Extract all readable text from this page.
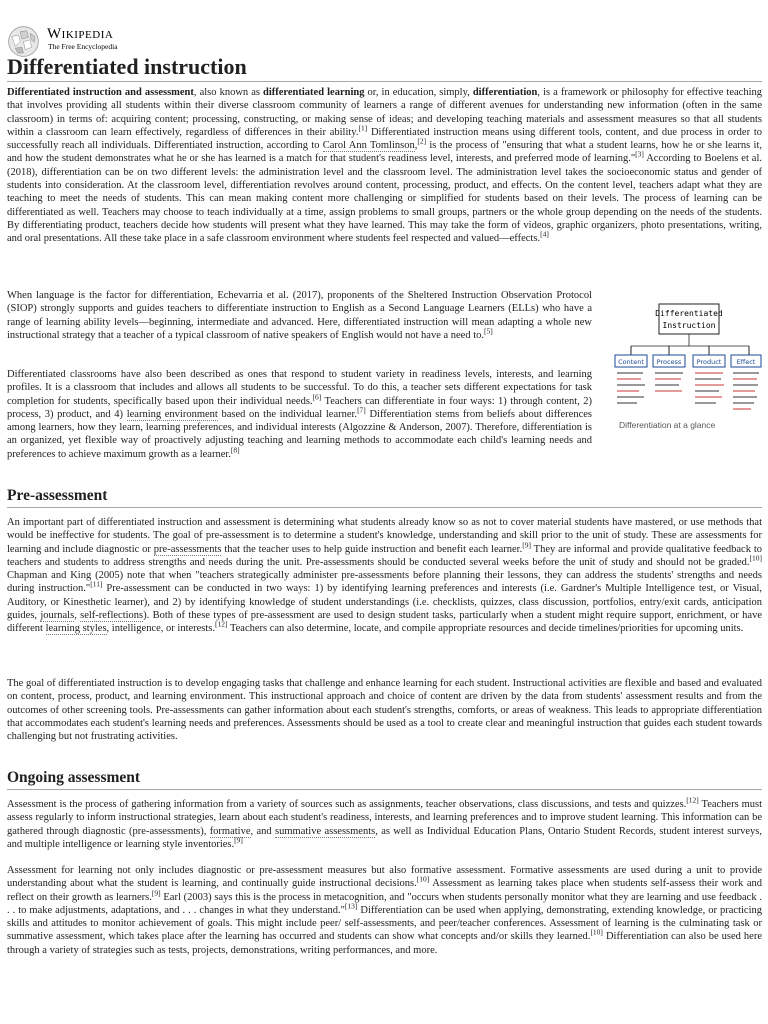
Wikipedia
The Free Encyclopedia
Differentiated instruction

Differentiated instruction and assessment, also known as differentiated learning or, in education, simply, differentiation, is a framework or philosophy for effective teaching that involves providing all students within their diverse classroom community of learners a range of different avenues for understanding new information (often in the same classroom) in terms of: acquiring content; processing, constructing, or making sense of ideas; and developing teaching materials and assessment measures so that all students within a classroom can learn effectively, regardless of differences in their ability.[1] Differentiated instruction means using different tools, content, and due process in order to successfully reach all individuals. Differentiated instruction, according to Carol Ann Tomlinson,[2] is the process of "ensuring that what a student learns, how he or she learns it, and how the student demonstrates what he or she has learned is a match for that student's readiness level, interests, and preferred mode of learning."[3] According to Boelens et al. (2018), differentiation can be on two different levels: the administration level and the classroom level. The administration level takes the socioeconomic status and gender of students into consideration. At the classroom level, differentiation revolves around content, processing, product, and effects. On the content level, teachers adapt what they are teaching to meet the needs of students. This can mean making content more challenging or simplified for students based on their levels. The process of learning can be differentiated as well. Teachers may choose to teach individually at a time, assign problems to small groups, partners or the whole group depending on the needs of the students. By differentiating product, teachers decide how students will present what they have learned. This may take the form of videos, graphic organizers, photo presentations, writing, and oral presentations. All these take place in a safe classroom environment where students feel respected and valued—effects.[4]

When language is the factor for differentiation, Echevarria et al. (2017), proponents of the Sheltered Instruction Observation Protocol (SIOP) strongly supports and guides teachers to differentiate instruction to English as a Second Language Learners (ELLs) who have a range of learning ability levels—beginning, intermediate and advanced. Here, differentiated instruction will mean adapting a whole new instructional strategy that a teacher of a typical classroom of native speakers of English would not have a need to.[5]

Differentiated classrooms have also been described as ones that respond to student variety in readiness levels, interests, and learning profiles. It is a classroom that includes and allows all students to be successful. To do this, a teacher sets different expectations for task completion for students, specifically based upon their individual needs.[6] Teachers can differentiate in four ways: 1) through content, 2) process, 3) product, and 4) learning environment based on the individual learner.[7] Differentiation stems from beliefs about differences among learners, how they learn, learning preferences, and individual interests (Algozzine & Anderson, 2007). Therefore, differentiation is an organized, yet flexible way of proactively adjusting teaching and learning methods to accommodate each child's learning needs and preferences to achieve maximum growth as a learner.[8]

Differentiated
Instruction
Content Process Product Effect
Differentiation at a glance
Pre-assessment

An important part of differentiated instruction and assessment is determining what students already know so as not to cover material students have mastered, or use methods that would be ineffective for students. The goal of pre-assessment is to determine a student's knowledge, understanding and skill prior to the unit of study. These are assessments for learning and include diagnostic or pre-assessments that the teacher uses to help guide instruction and benefit each learner.[9] They are informal and provide qualitative feedback to teachers and students to address strengths and needs during the unit. Pre-assessments should be conducted several weeks before the unit of study and should not be graded.[10] Chapman and King (2005) note that when "teachers strategically administer pre-assessments before planning their lessons, they can address the students' strengths and needs during instruction."[11] Pre-assessment can be conducted in two ways: 1) by identifying learning preferences and interests (i.e. Gardner's Multiple Intelligence test, or Visual, Auditory, or Kinesthetic learner), and 2) by identifying knowledge of student understandings (i.e. checklists, quizzes, class discussion, portfolios, entry/exit cards, anticipation guides, journals, self-reflections). Both of these types of pre-assessment are used to design student tasks, particularly when a student might require support, enrichment, or have different learning styles, intelligence, or interests.[12] Teachers can also determine, locate, and compile appropriate resources and decide timelines/priorities for upcoming units.

The goal of differentiated instruction is to develop engaging tasks that challenge and enhance learning for each student. Instructional activities are flexible and based and evaluated on content, process, product, and learning environment. This instructional approach and choice of content are driven by the data from students' assessment results and from the outcomes of other screening tools. Pre-assessments can gather information about each student's strengths, comforts, or areas of weakness. This leads to appropriate differentiation that accommodates each student's learning needs and preferences. Assessments should be used as a tool to create clear and meaningful instruction that guides each student towards challenging but not frustrating activities.

Ongoing assessment

Assessment is the process of gathering information from a variety of sources such as assignments, teacher observations, class discussions, and tests and quizzes.[12] Teachers must assess regularly to inform instructional strategies, learn about each student's readiness, interests, and learning preferences and to improve student learning. This information can be gathered through diagnostic (pre-assessments), formative, and summative assessments, as well as Individual Education Plans, Ontario Student Records, student interest surveys, and multiple intelligence or learning style inventories.[9]

Assessment for learning not only includes diagnostic or pre-assessment measures but also formative assessment. Formative assessments are used during a unit to provide understanding about what the student is learning, and continually guide instructional decisions.[10] Assessment as learning takes place when students self-assess their work and reflect on their growth as learners.[9] Earl (2003) says this is the process in metacognition, and "occurs when students personally monitor what they are learning and use feedback . . . to make adjustments, adaptations, and . . . changes in what they understand."[13] Differentiation can be used when applying, demonstrating, extending knowledge, or practicing skills and attitudes to monitor achievement of goals. This might include peer/ self-assessments, and peer/teacher conferences. Assessment of learning is the culminating task or summative assessment, which takes place after the learning has occurred and students can show what concepts and/or skills they learned.[10] Differentiation can also be used here through a variety of strategies such as tests, projects, demonstrations, writing performances, and more.
